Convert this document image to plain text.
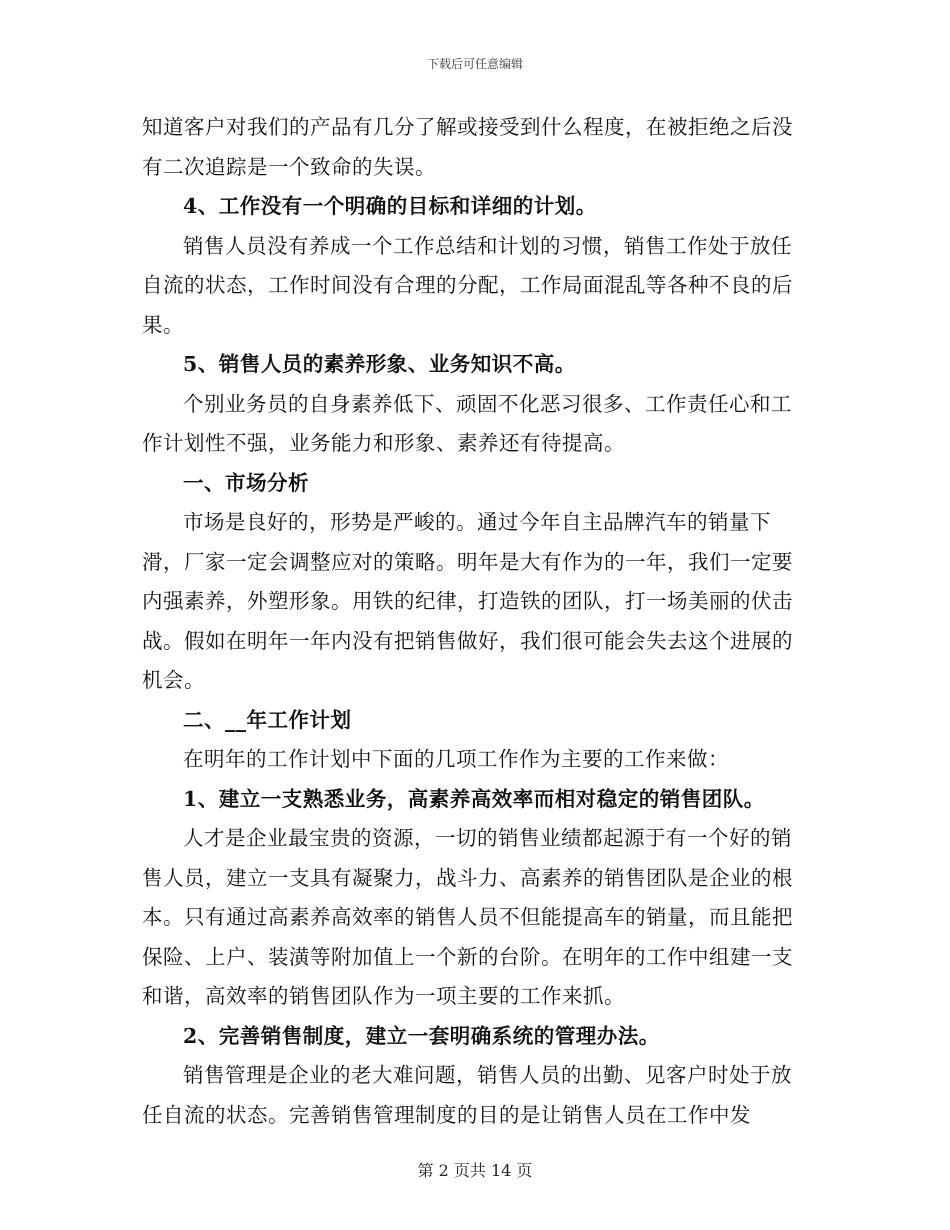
下载后可任意编辑

知道客户对我们的产品有几分了解或接受到什么程度，在被拒绝之后没有二次追踪是一个致命的失误。

4、工作没有一个明确的目标和详细的计划。

销售人员没有养成一个工作总结和计划的习惯，销售工作处于放任自流的状态，工作时间没有合理的分配，工作局面混乱等各种不良的后果。

5、销售人员的素养形象、业务知识不高。

个别业务员的自身素养低下、顽固不化恶习很多、工作责任心和工作计划性不强，业务能力和形象、素养还有待提高。

一、市场分析

市场是良好的，形势是严峻的。通过今年自主品牌汽车的销量下滑，厂家一定会调整应对的策略。明年是大有作为的一年，我们一定要内强素养，外塑形象。用铁的纪律，打造铁的团队，打一场美丽的伏击战。假如在明年一年内没有把销售做好，我们很可能会失去这个进展的机会。

二、__年工作计划

在明年的工作计划中下面的几项工作作为主要的工作来做：

1、建立一支熟悉业务，高素养高效率而相对稳定的销售团队。

人才是企业最宝贵的资源，一切的销售业绩都起源于有一个好的销售人员，建立一支具有凝聚力，战斗力、高素养的销售团队是企业的根本。只有通过高素养高效率的销售人员不但能提高车的销量，而且能把保险、上户、装潢等附加值上一个新的台阶。在明年的工作中组建一支和谐，高效率的销售团队作为一项主要的工作来抓。

2、完善销售制度，建立一套明确系统的管理办法。

销售管理是企业的老大难问题，销售人员的出勤、见客户时处于放任自流的状态。完善销售管理制度的目的是让销售人员在工作中发

第 2 页共 14 页
